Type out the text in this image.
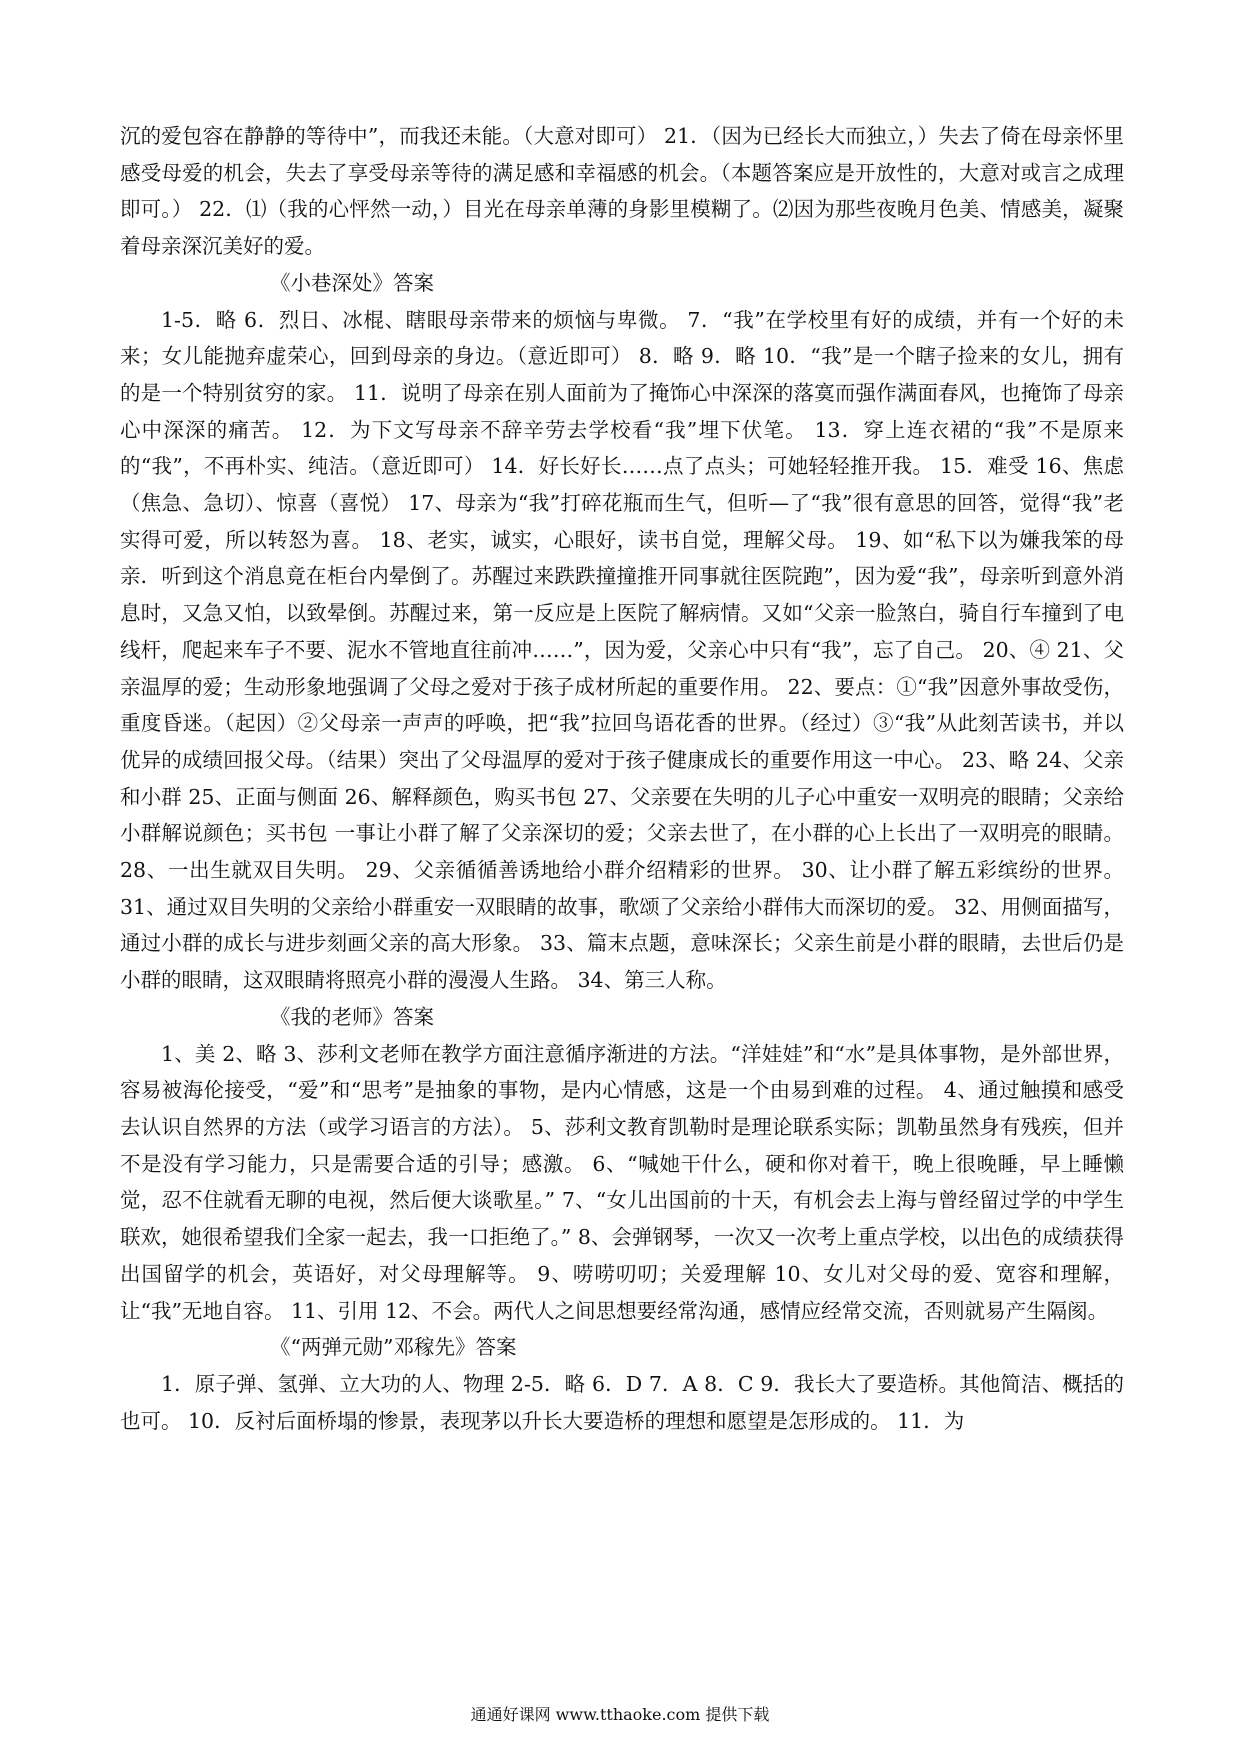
沉的爱包容在静静的等待中”，而我还未能。（大意对即可） 21．（因为已经长大而独立，）失去了倚在母亲怀里感受母爱的机会，失去了享受母亲等待的满足感和幸福感的机会。（本题答案应是开放性的，大意对或言之成理即可。） 22．⑴（我的心怦然一动，）目光在母亲单薄的身影里模糊了。⑵因为那些夜晚月色美、情感美，凝聚着母亲深沉美好的爱。

《小巷深处》答案

1-5．略 6．烈日、冰棍、瞎眼母亲带来的烦恼与卑微。 7．“我”在学校里有好的成绩，并有一个好的未来；女儿能抛弃虚荣心，回到母亲的身边。（意近即可） 8．略 9．略 10．“我”是一个瞎子捡来的女儿，拥有的是一个特别贫穷的家。 11．说明了母亲在别人面前为了掩饰心中深深的落寞而强作满面春风，也掩饰了母亲心中深深的痛苦。 12．为下文写母亲不辞辛劳去学校看“我”埋下伏笔。 13．穿上连衣裙的“我”不是原来的“我”，不再朴实、纯洁。（意近即可） 14．好长好长……点了点头；可她轻轻推开我。 15．难受 16、焦虑（焦急、急切）、惊喜（喜悦） 17、母亲为“我”打碎花瓶而生气，但听—了“我”很有意思的回答，觉得“我”老实得可爱，所以转怒为喜。 18、老实，诚实，心眼好，读书自觉，理解父母。 19、如“私下以为嫌我笨的母亲．听到这个消息竟在柜台内晕倒了。苏醒过来跌跌撞撞推开同事就往医院跑”，因为爱“我”，母亲听到意外消息时，又急又怕，以致晕倒。苏醒过来，第一反应是上医院了解病情。又如“父亲一脸煞白，骑自行车撞到了电线杆，爬起来车子不要、泥水不管地直往前冲……”，因为爱，父亲心中只有“我”，忘了自己。 20、④ 21、父亲温厚的爱；生动形象地强调了父母之爱对于孩子成材所起的重要作用。 22、要点：①“我”因意外事故受伤，重度昏迷。（起因）②父母亲一声声的呼唤，把“我”拉回鸟语花香的世界。（经过）③“我”从此刻苦读书，并以优异的成绩回报父母。（结果）突出了父母温厚的爱对于孩子健康成长的重要作用这一中心。 23、略 24、父亲和小群 25、正面与侧面 26、解释颜色，购买书包 27、父亲要在失明的儿子心中重安一双明亮的眼睛；父亲给小群解说颜色；买书包 一事让小群了解了父亲深切的爱；父亲去世了，在小群的心上长出了一双明亮的眼睛。 28、一出生就双目失明。 29、父亲循循善诱地给小群介绍精彩的世界。 30、让小群了解五彩缤纷的世界。 31、通过双目失明的父亲给小群重安一双眼睛的故事，歌颂了父亲给小群伟大而深切的爱。 32、用侧面描写，通过小群的成长与进步刻画父亲的高大形象。 33、篇末点题，意味深长；父亲生前是小群的眼睛，去世后仍是小群的眼睛，这双眼睛将照亮小群的漫漫人生路。 34、第三人称。

《我的老师》答案

1、美 2、略 3、莎利文老师在教学方面注意循序渐进的方法。“洋娃娃”和“水”是具体事物，是外部世界，容易被海伦接受，“爱”和“思考”是抽象的事物，是内心情感，这是一个由易到难的过程。 4、通过触摸和感受去认识自然界的方法（或学习语言的方法）。 5、莎利文教育凯勒时是理论联系实际；凯勒虽然身有残疾，但并不是没有学习能力，只是需要合适的引导；感激。 6、“喊她干什么，硬和你对着干，晚上很晚睡，早上睡懒觉，忍不住就看无聊的电视，然后便大谈歌星。” 7、“女儿出国前的十天，有机会去上海与曾经留过学的中学生联欢，她很希望我们全家一起去，我一口拒绝了。” 8、会弹钢琴，一次又一次考上重点学校，以出色的成绩获得出国留学的机会，英语好，对父母理解等。 9、唠唠叨叨；关爱理解 10、女儿对父母的爱、宽容和理解，让“我”无地自容。 11、引用 12、不会。两代人之间思想要经常沟通，感情应经常交流，否则就易产生隔阂。

《“两弹元勋”邓稼先》答案

1．原子弹、氢弹、立大功的人、物理 2-5．略 6．D 7．A 8．C 9．我长大了要造桥。其他简洁、概括的也可。 10．反衬后面桥塌的惨景，表现茅以升长大要造桥的理想和愿望是怎形成的。 11．为

通通好课网 www.tthaoke.com 提供下载
